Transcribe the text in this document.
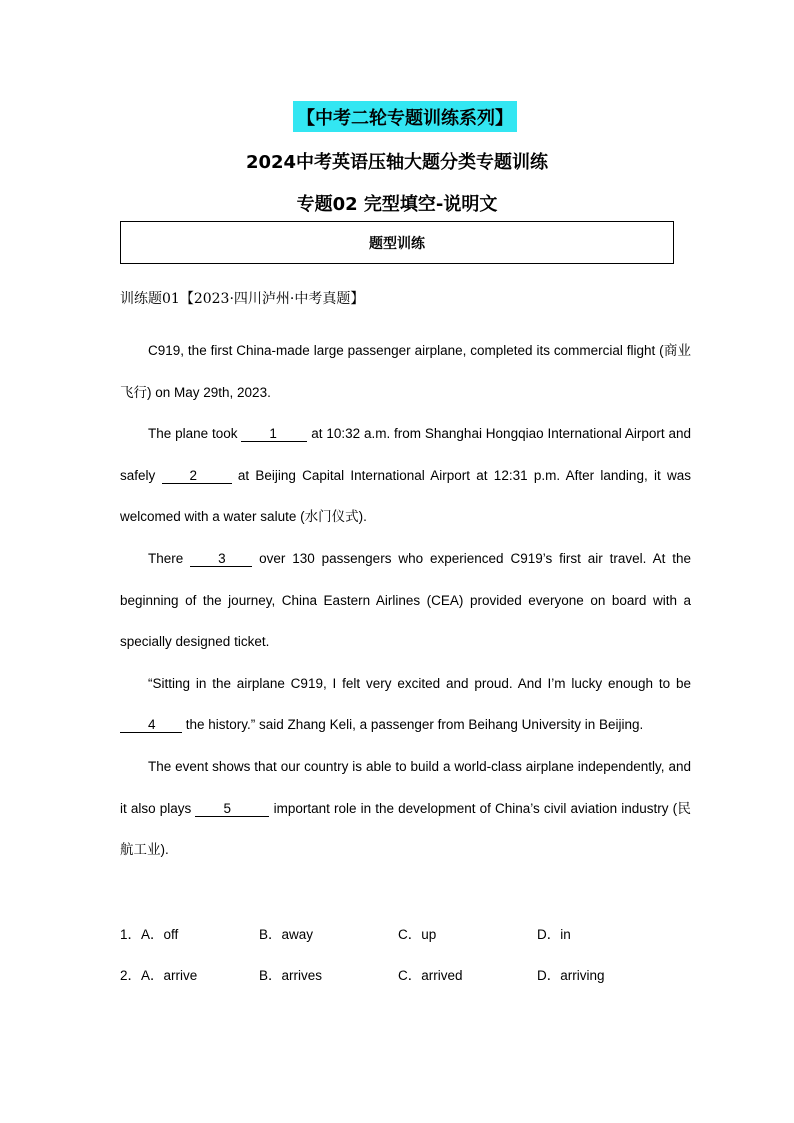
【中考二轮专题训练系列】
2024中考英语压轴大题分类专题训练
专题02 完型填空-说明文
题型训练
训练题01【2023·四川泸州·中考真题】

C919, the first China-made large passenger airplane, completed its commercial flight (商业飞行) on May 29th, 2023.

The plane took 1 at 10:32 a.m. from Shanghai Hongqiao International Airport and safely 2	at Beijing Capital International Airport at 12:31 p.m. After landing, it was welcomed with a water salute (水门仪式).

There 3 over 130 passengers who experienced C919’s first air travel. At the beginning of the journey, China Eastern Airlines (CEA) provided everyone on board with a specially designed ticket.

“Sitting in the airplane C919, I felt very excited and proud. And I’m lucky enough to be 4 the history.” said Zhang Keli, a passenger from Beihang University in Beijing.

The event shows that our country is able to build a world-class airplane independently, and it also plays 5	important role in the development of China’s civil aviation industry (民航工业).

1．A．off	B．away	C．up	D．in
2．A．arrive	B．arrives	C．arrived	D．arriving
